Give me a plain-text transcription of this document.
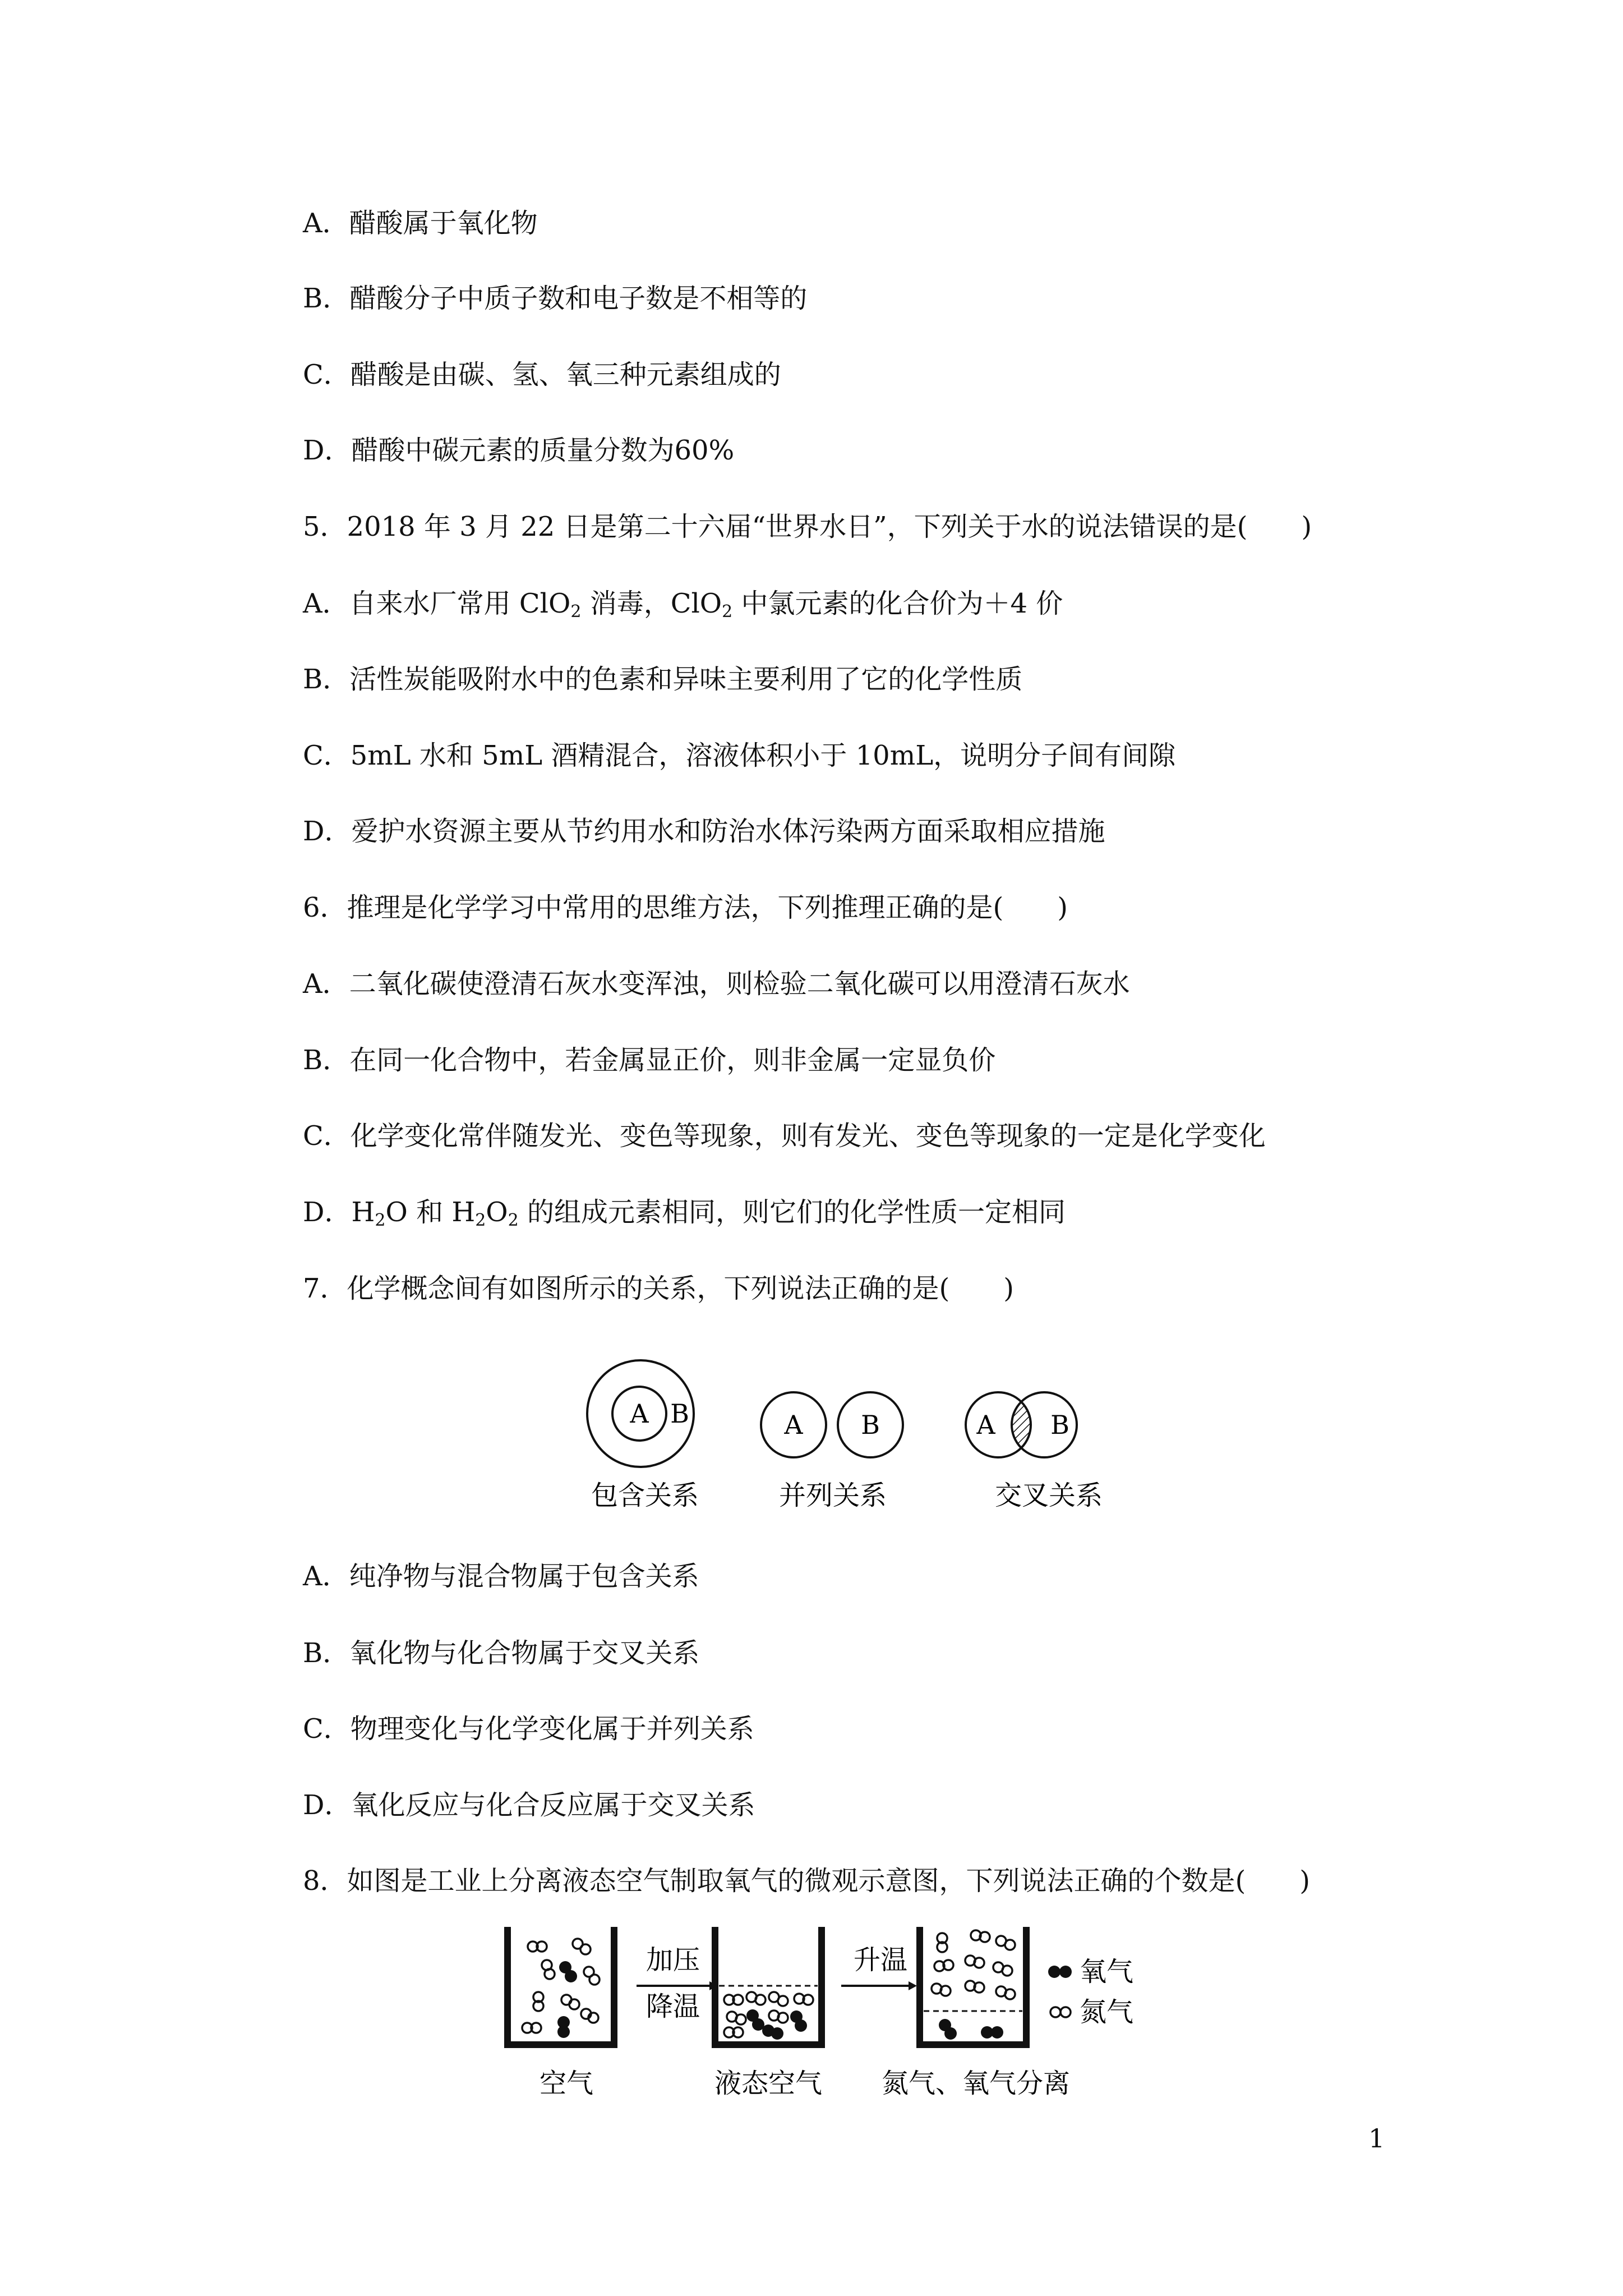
A．醋酸属于氧化物
B．醋酸分子中质子数和电子数是不相等的
C．醋酸是由碳、氢、氧三种元素组成的
D．醋酸中碳元素的质量分数为60%
5．2018 年 3 月 22 日是第二十六届“世界水日”，下列关于水的说法错误的是(　　)
A．自来水厂常用 ClO$_2$ 消毒，ClO$_2$ 中氯元素的化合价为＋4 价
B．活性炭能吸附水中的色素和异味主要利用了它的化学性质
C．5mL 水和 5mL 酒精混合，溶液体积小于 10mL，说明分子间有间隙
D．爱护水资源主要从节约用水和防治水体污染两方面采取相应措施
6．推理是化学学习中常用的思维方法，下列推理正确的是(　　)
A．二氧化碳使澄清石灰水变浑浊，则检验二氧化碳可以用澄清石灰水
B．在同一化合物中，若金属显正价，则非金属一定显负价
C．化学变化常伴随发光、变色等现象，则有发光、变色等现象的一定是化学变化
D．$H_2O$ 和 $H_2O_2$ 的组成元素相同，则它们的化学性质一定相同
7．化学概念间有如图所示的关系，下列说法正确的是(　　)
A B	A B	A B
包含关系	并列关系	交叉关系
A．纯净物与混合物属于包含关系
B．氧化物与化合物属于交叉关系
C．物理变化与化学变化属于并列关系
D．氧化反应与化合反应属于交叉关系
8．如图是工业上分离液态空气制取氧气的微观示意图，下列说法正确的个数是(　　)
加压
降温
升温	氧气
氮气
空气	液态空气 氮气、氧气分离
1
